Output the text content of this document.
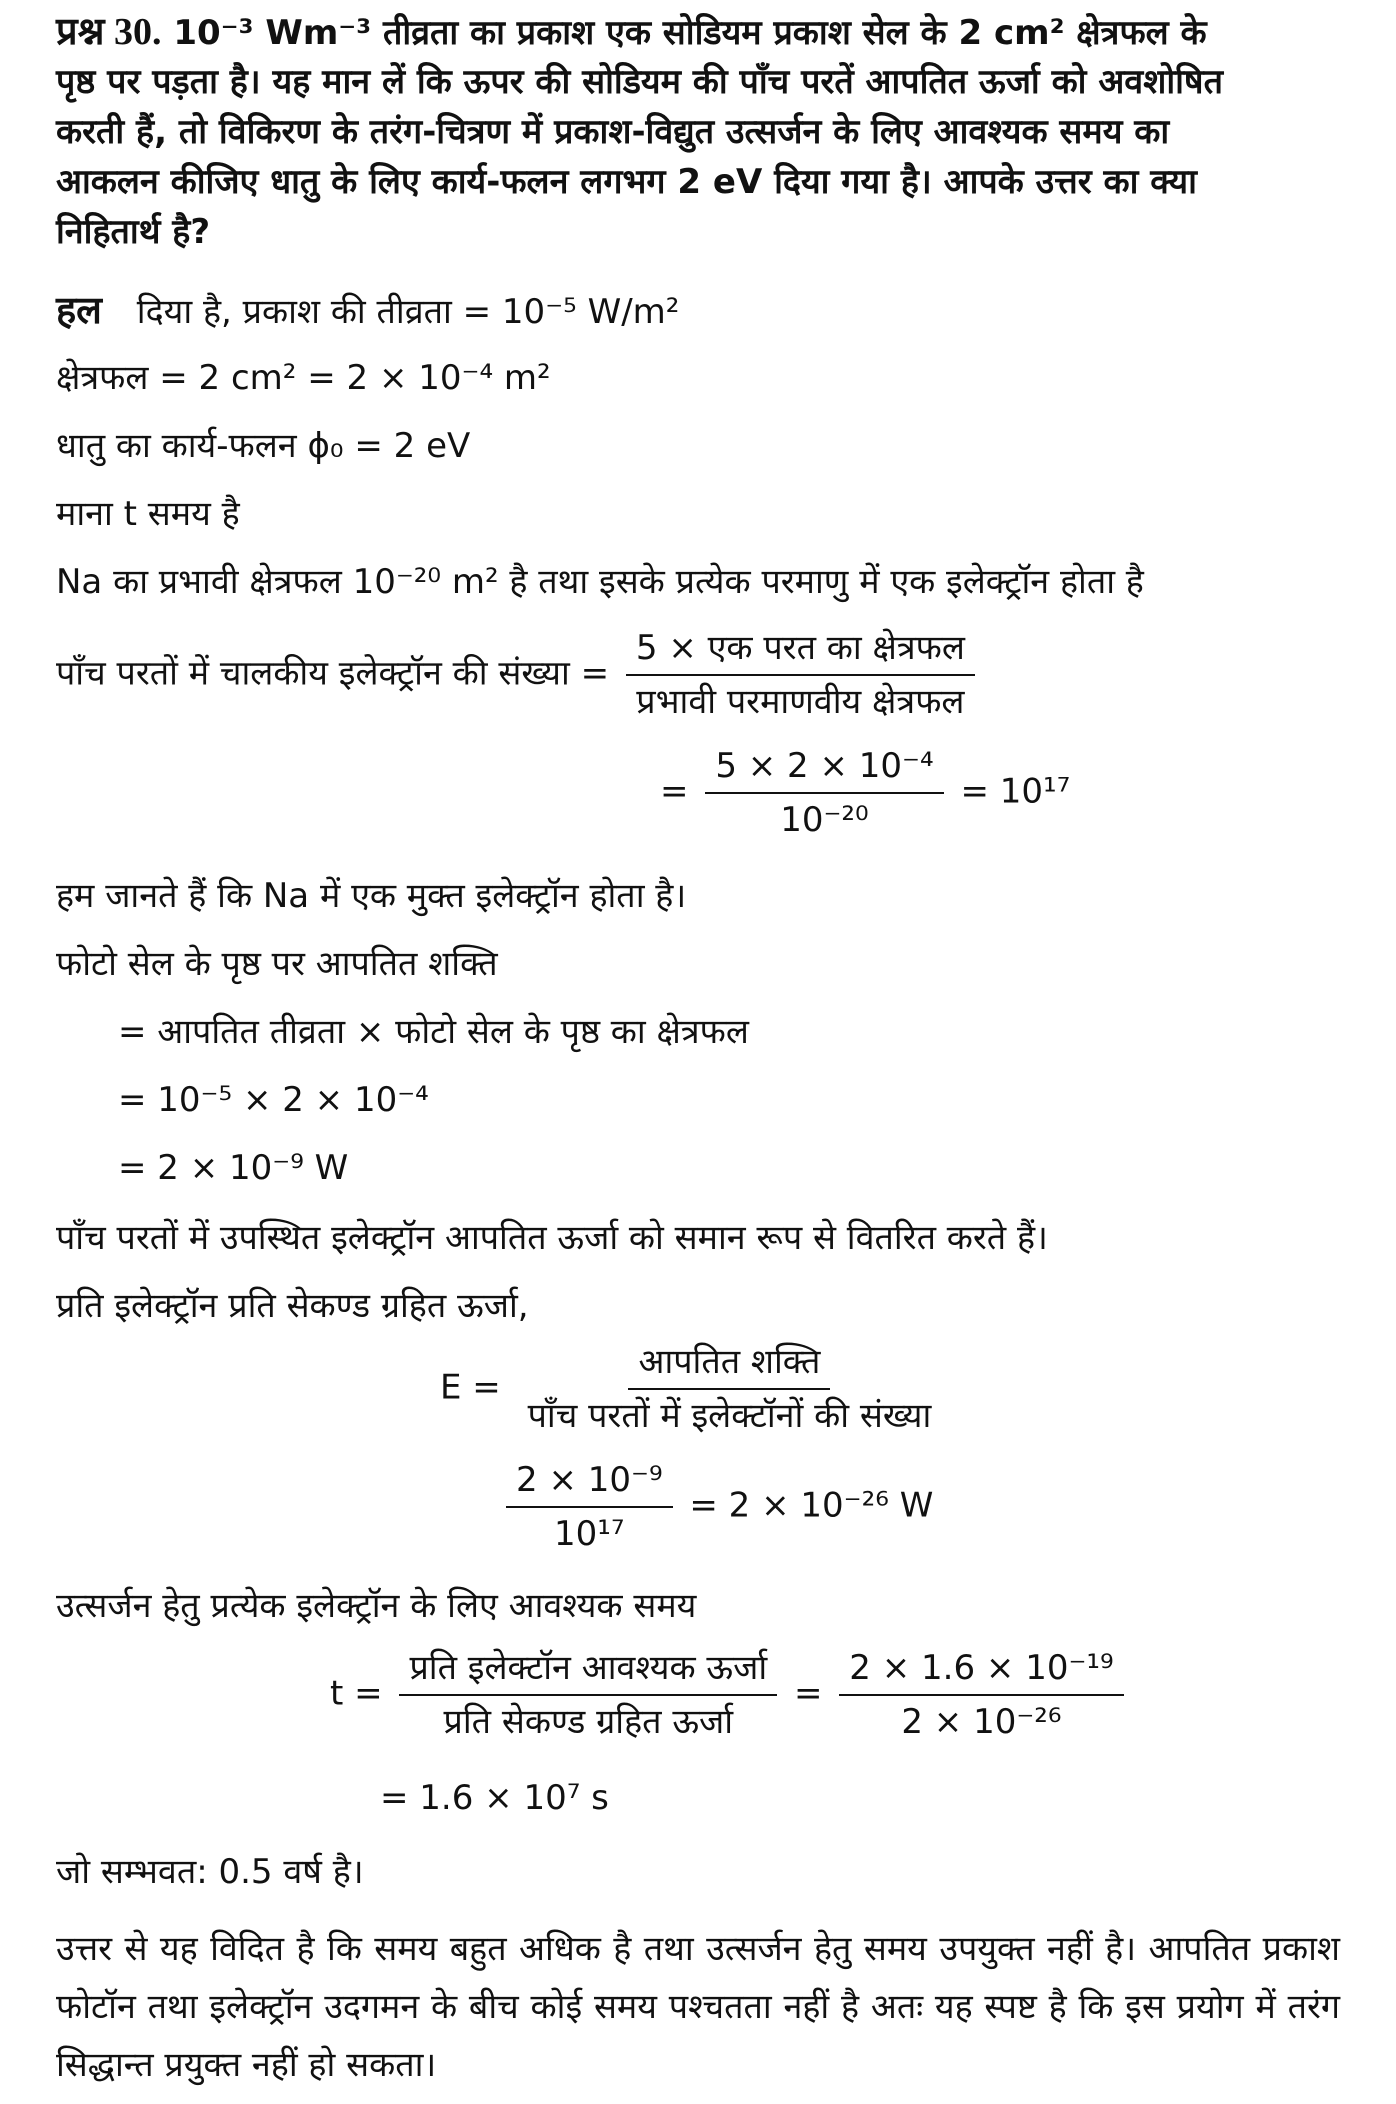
प्रश्न 30. 10⁻³ Wm⁻³ तीव्रता का प्रकाश एक सोडियम प्रकाश सेल के 2 cm² क्षेत्रफल के
पृष्ठ पर पड़ता है। यह मान लें कि ऊपर की सोडियम की पाँच परतें आपतित ऊर्जा को अवशोषित
करती हैं, तो विकिरण के तरंग-चित्रण में प्रकाश-विद्युत उत्सर्जन के लिए आवश्यक समय का
आकलन कीजिए धातु के लिए कार्य-फलन लगभग 2 eV दिया गया है। आपके उत्तर का क्या
निहितार्थ है?
हल दिया है, प्रकाश की तीव्रता = 10⁻⁵ W/m²
क्षेत्रफल = 2 cm² = 2 × 10⁻⁴ m²
धातु का कार्य-फलन ϕ₀ = 2 eV
माना t समय है
Na का प्रभावी क्षेत्रफल 10⁻²⁰ m² है तथा इसके प्रत्येक परमाणु में एक इलेक्ट्रॉन होता है
पाँच परतों में चालकीय इलेक्ट्रॉन की संख्या = $\frac{\text{5 × एक परत का क्षेत्रफल}}{\text{प्रभावी परमाणवीय क्षेत्रफल}}$
= $\frac{\text{5 × 2 × 10⁻⁴}}{\text{10⁻²⁰}} = 10^{17}$
हम जानते हैं कि Na में एक मुक्त इलेक्ट्रॉन होता है।
फोटो सेल के पृष्ठ पर आपतित शक्ति
= आपतित तीव्रता × फोटो सेल के पृष्ठ का क्षेत्रफल
= 10⁻⁵ × 2 × 10⁻⁴
= 2 × 10⁻⁹ W
पाँच परतों में उपस्थित इलेक्ट्रॉन आपतित ऊर्जा को समान रूप से वितरित करते हैं।
प्रति इलेक्ट्रॉन प्रति सेकण्ड ग्रहित ऊर्जा,
$E = \frac{\text{आपतित शक्ति}}{\text{पाँच परतों में इलेक्टॉनों की संख्या}}$
$\frac{\text{2 × 10⁻⁹}}{\text{10¹⁷}} = 2 \times 10^{-26}$ W
उत्सर्जन हेतु प्रत्येक इलेक्ट्रॉन के लिए आवश्यक समय
$t = \frac{\text{प्रति इलेक्टॉन आवश्यक ऊर्जा}}{\text{प्रति सेकण्ड ग्रहित ऊर्जा}} = \frac{\text{2 × 1.6 × 10⁻¹⁹}}{\text{2 × 10⁻²⁶}}$
= 1.6 × 10⁷ s
जो सम्भवत: 0.5 वर्ष है।
उत्तर से यह विदित है कि समय बहुत अधिक है तथा उत्सर्जन हेतु समय उपयुक्त नहीं है। आपतित प्रकाश फोटॉन तथा इलेक्ट्रॉन उदगमन के बीच कोई समय पश्चतता नहीं है अतः यह स्पष्ट है कि इस प्रयोग में तरंग सिद्धान्त प्रयुक्त नहीं हो सकता।
